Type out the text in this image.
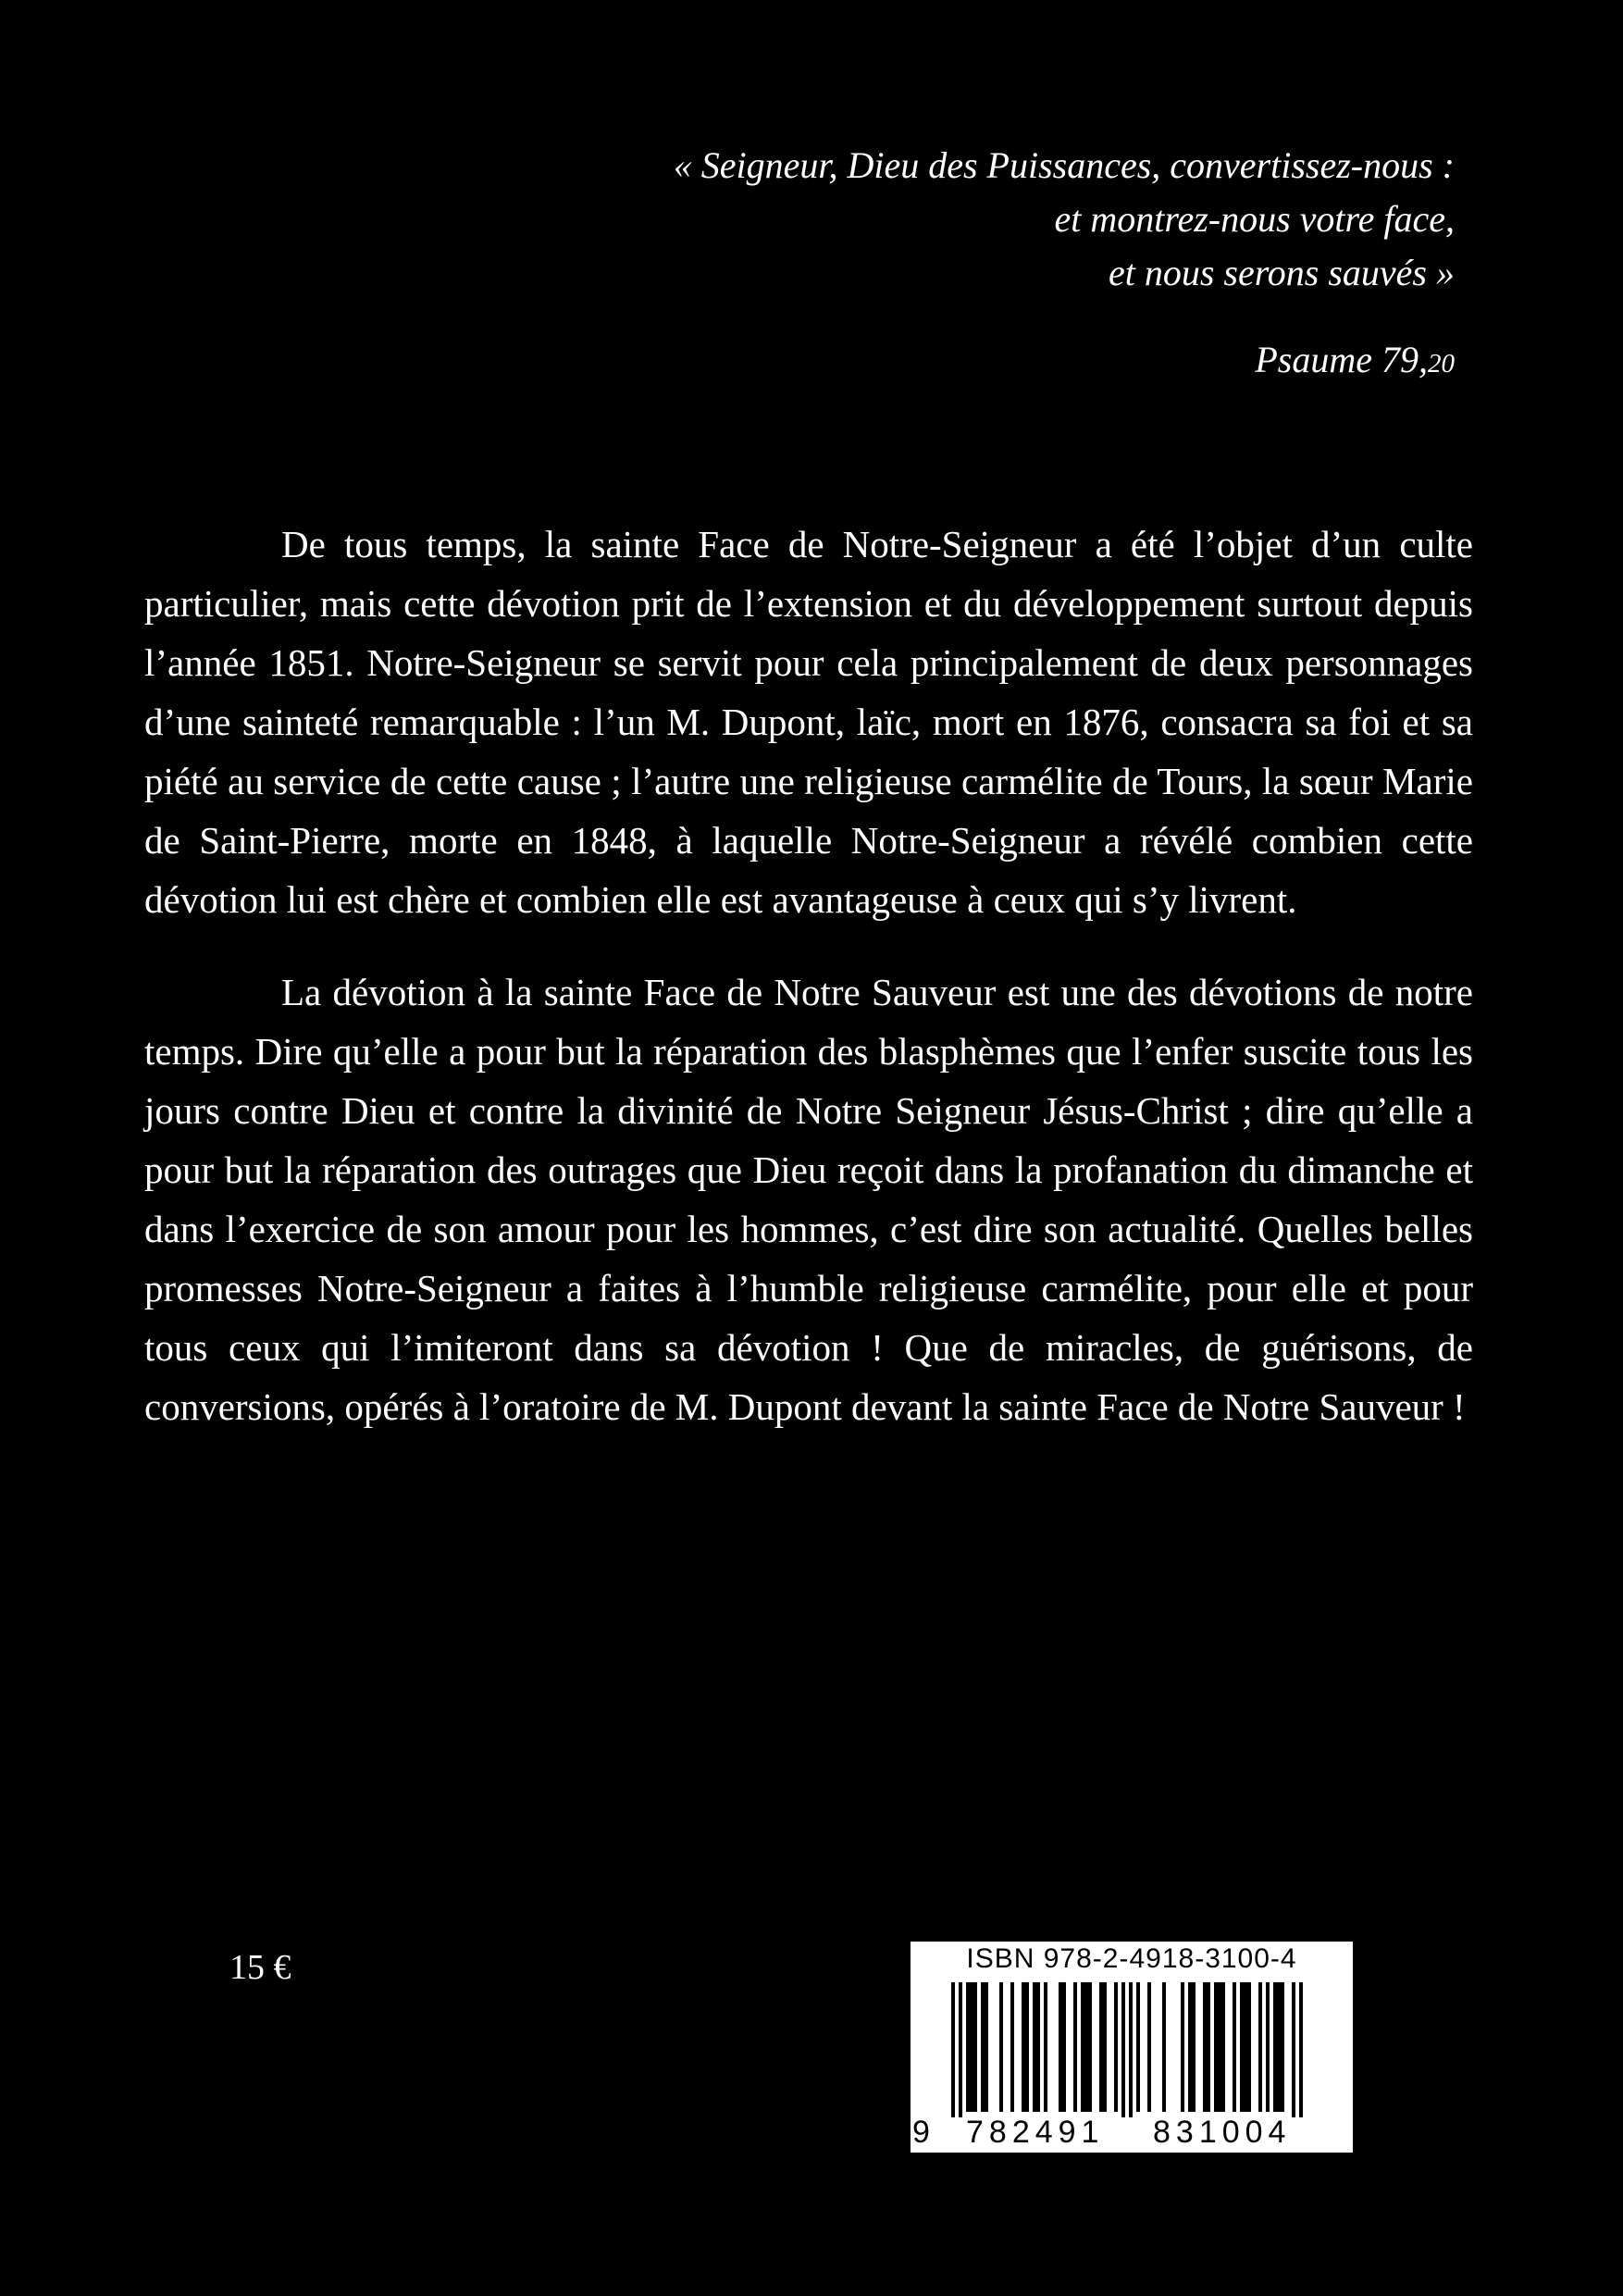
« Seigneur, Dieu des Puissances, convertissez-nous :
et montrez-nous votre face,
et nous serons sauvés »
Psaume 79,20

De tous temps, la sainte Face de Notre-Seigneur a été l’objet d’un culte particulier, mais cette dévotion prit de l’extension et du développement surtout depuis l’année 1851. Notre-Seigneur se servit pour cela principalement de deux personnages d’une sainteté remarquable : l’un M. Dupont, laïc, mort en 1876, consacra sa foi et sa piété au service de cette cause ; l’autre une religieuse carmélite de Tours, la sœur Marie de Saint-Pierre, morte en 1848, à laquelle Notre-Seigneur a révélé combien cette dévotion lui est chère et combien elle est avantageuse à ceux qui s’y livrent.

La dévotion à la sainte Face de Notre Sauveur est une des dévotions de notre temps. Dire qu’elle a pour but la réparation des blasphèmes que l’enfer suscite tous les jours contre Dieu et contre la divinité de Notre Seigneur Jésus-Christ ; dire qu’elle a pour but la réparation des outrages que Dieu reçoit dans la profanation du dimanche et dans l’exercice de son amour pour les hommes, c’est dire son actualité. Quelles belles promesses Notre-Seigneur a faites à l’humble religieuse carmélite, pour elle et pour tous ceux qui l’imiteront dans sa dévotion ! Que de miracles, de guérisons, de conversions, opérés à l’oratoire de M. Dupont devant la sainte Face de Notre Sauveur !

15 €	ISBN 978-2-4918-3100-4
9 782491 831004
